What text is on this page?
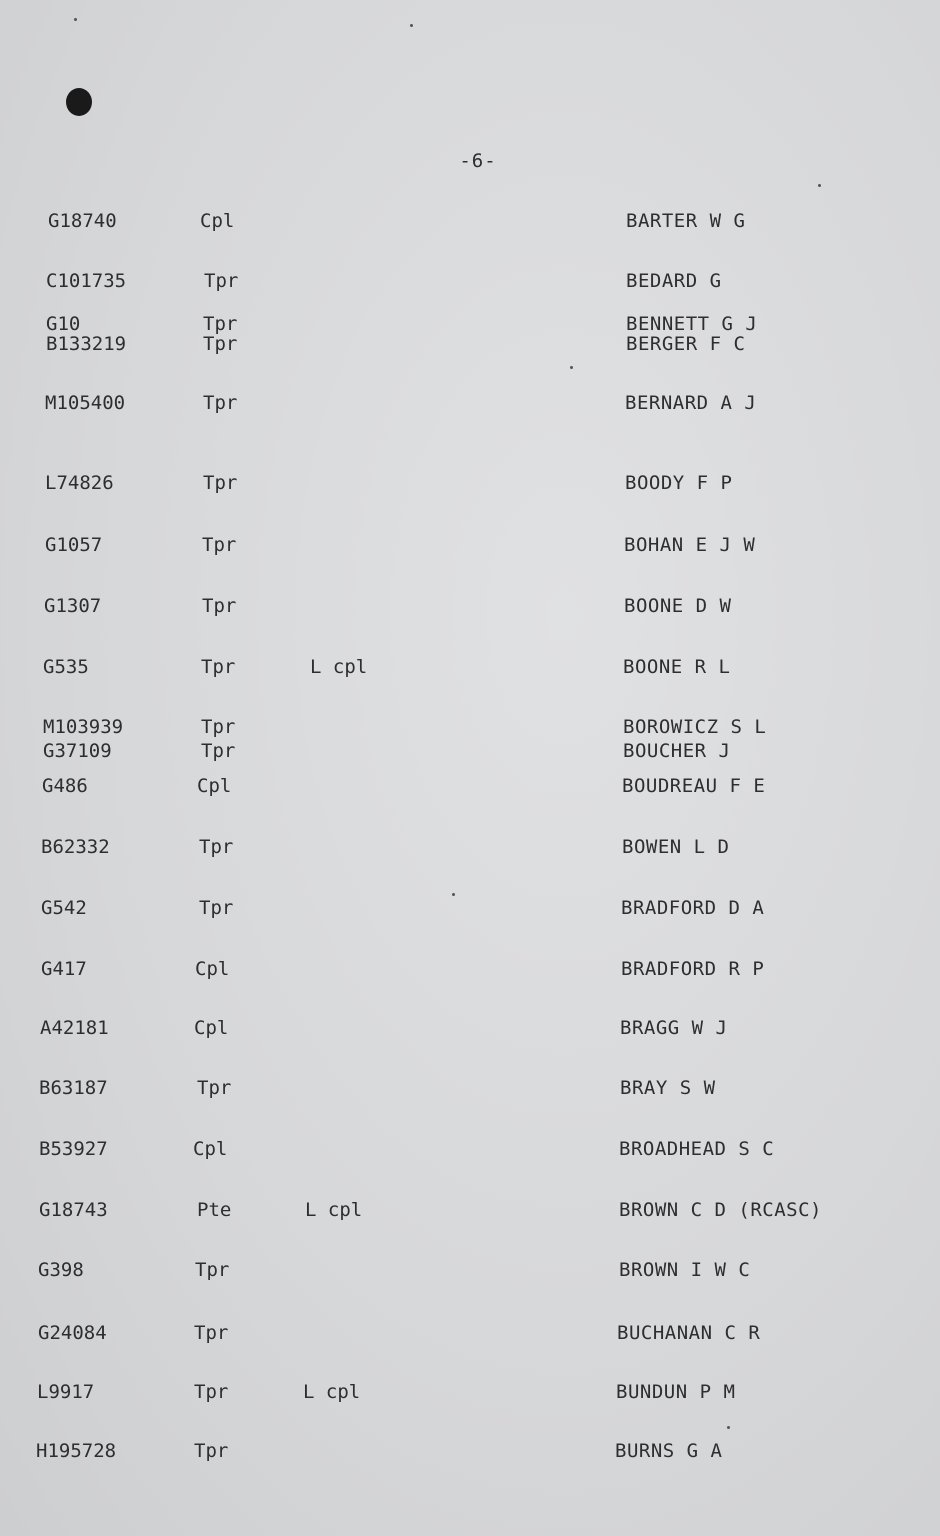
-6-
G18740	Cpl	BARTER W G
C101735	Tpr	BEDARD G
G10	Tpr	BENNETT G J
B133219	Tpr	BERGER F C
M105400	Tpr	BERNARD A J
L74826	Tpr	BOODY F P
G1057	Tpr	BOHAN E J W
G1307	Tpr	BOONE D W
G535	Tpr	L cpl	BOONE R L
M103939	Tpr	BOROWICZ S L
G37109	Tpr	BOUCHER J
G486	Cpl	BOUDREAU F E
B62332	Tpr	BOWEN L D
G542	Tpr	BRADFORD D A
G417	Cpl	BRADFORD R P
A42181	Cpl	BRAGG W J
B63187	Tpr	BRAY S W
B53927	Cpl	BROADHEAD S C
G18743	Pte	L cpl	BROWN C D (RCASC)
G398	Tpr	BROWN I W C
G24084	Tpr	BUCHANAN C R
L9917	Tpr	L cpl	BUNDUN P M
H195728	Tpr	BURNS G A
